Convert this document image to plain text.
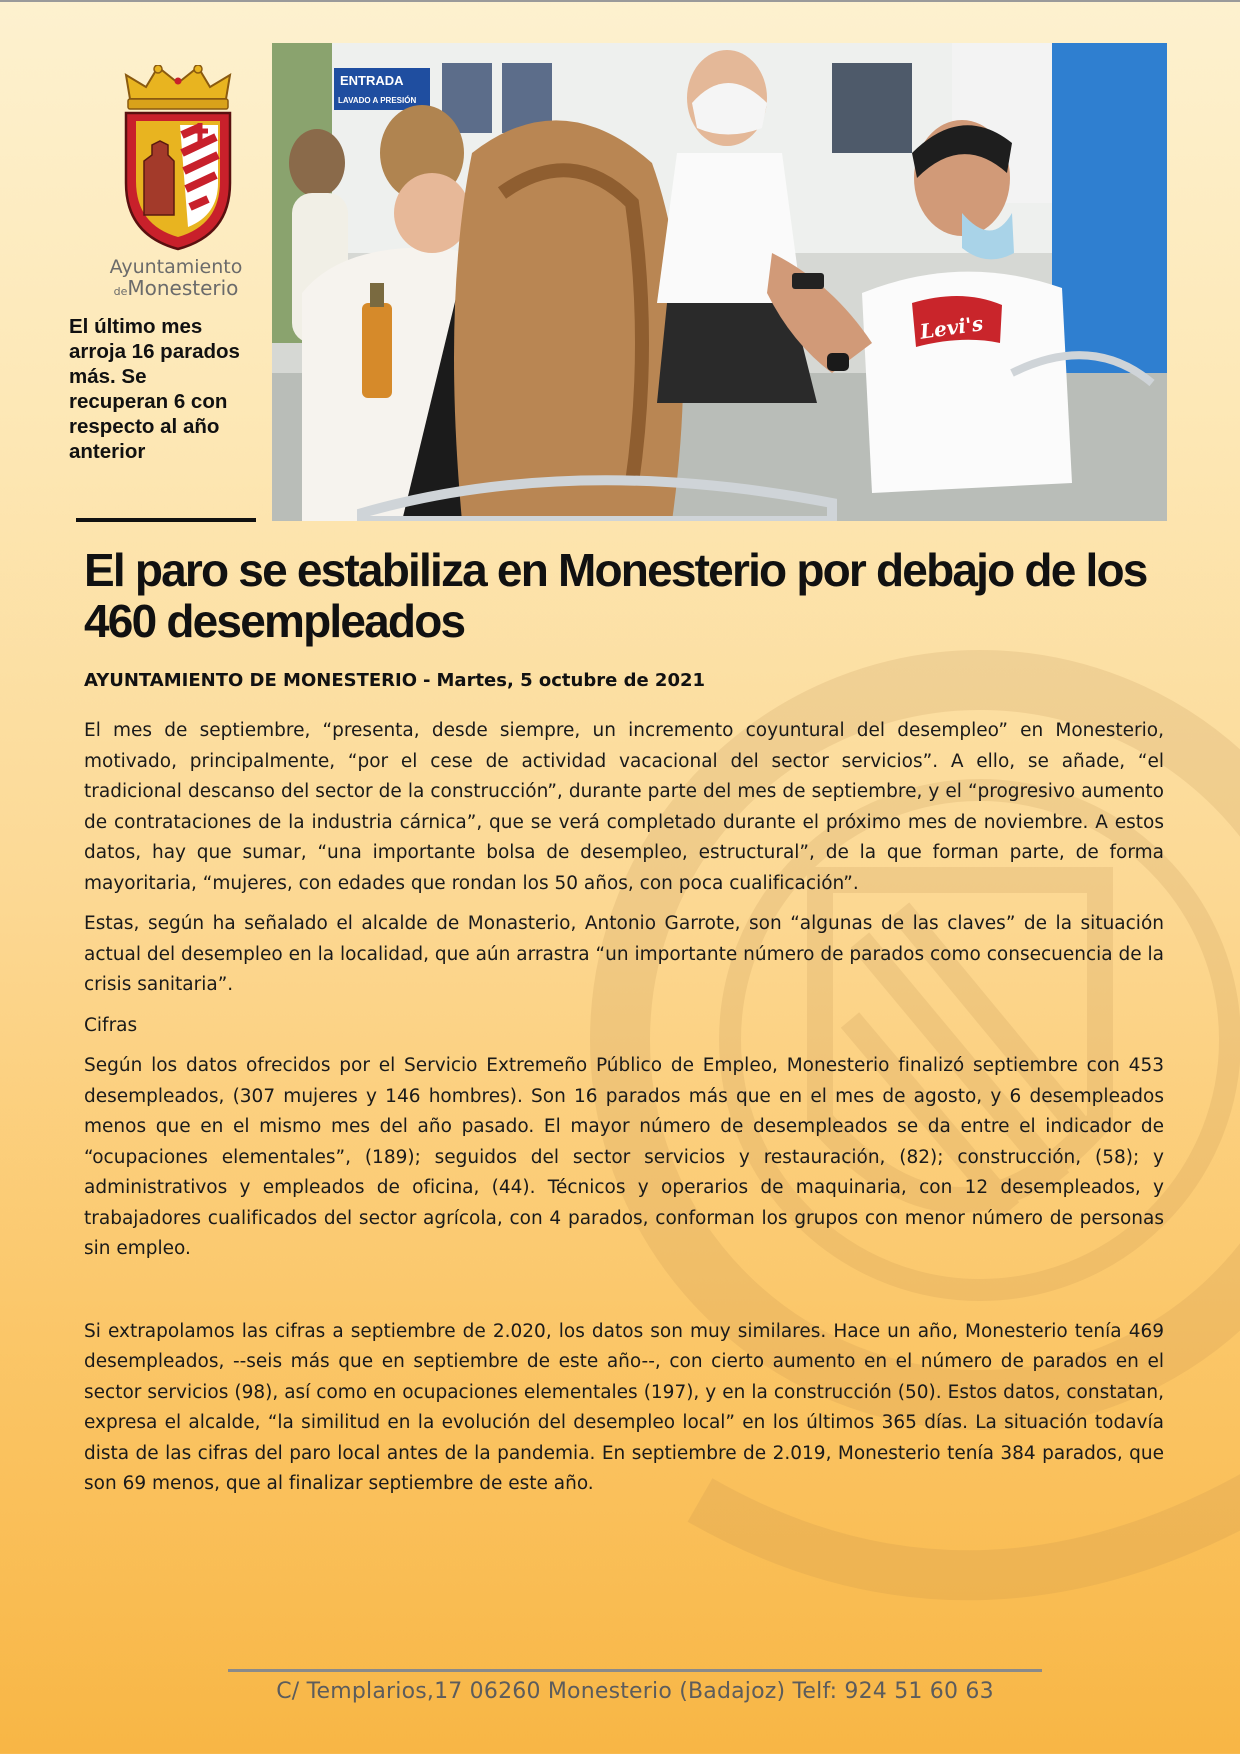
Ayuntamiento
deMonesterio

El último mes arroja 16 parados más. Se recuperan 6 con respecto al año anterior

ENTRADA
LAVADO A PRESIÓN
Levi's
El paro se estabiliza en Monesterio por debajo de los 460 desempleados

AYUNTAMIENTO DE MONESTERIO - Martes, 5 octubre de 2021

El mes de septiembre, “presenta, desde siempre, un incremento coyuntural del desempleo” en Monesterio, motivado, principalmente, “por el cese de actividad vacacional del sector servicios”. A ello, se añade, “el tradicional descanso del sector de la construcción”, durante parte del mes de septiembre, y el “progresivo aumento de contrataciones de la industria cárnica”, que se verá completado durante el próximo mes de noviembre. A estos datos, hay que sumar, “una importante bolsa de desempleo, estructural”, de la que forman parte, de forma mayoritaria, “mujeres, con edades que rondan los 50 años, con poca cualificación”.

Estas, según ha señalado el alcalde de Monasterio, Antonio Garrote, son “algunas de las claves” de la situación actual del desempleo en la localidad, que aún arrastra “un importante número de parados como consecuencia de la crisis sanitaria”.

Cifras

Según los datos ofrecidos por el Servicio Extremeño Público de Empleo, Monesterio finalizó septiembre con 453 desempleados, (307 mujeres y 146 hombres). Son 16 parados más que en el mes de agosto, y 6 desempleados menos que en el mismo mes del año pasado. El mayor número de desempleados se da entre el indicador de “ocupaciones elementales”, (189); seguidos del sector servicios y restauración, (82); construcción, (58); y administrativos y empleados de oficina, (44). Técnicos y operarios de maquinaria, con 12 desempleados, y trabajadores cualificados del sector agrícola, con 4 parados, conforman los grupos con menor número de personas sin empleo.

Si extrapolamos las cifras a septiembre de 2.020, los datos son muy similares. Hace un año, Monesterio tenía 469 desempleados, --seis más que en septiembre de este año--, con cierto aumento en el número de parados en el sector servicios (98), así como en ocupaciones elementales (197), y en la construcción (50). Estos datos, constatan, expresa el alcalde, “la similitud en la evolución del desempleo local” en los últimos 365 días. La situación todavía dista de las cifras del paro local antes de la pandemia. En septiembre de 2.019, Monesterio tenía 384 parados, que son 69 menos, que al finalizar septiembre de este año.

C/ Templarios,17 06260 Monesterio (Badajoz) Telf: 924 51 60 63
